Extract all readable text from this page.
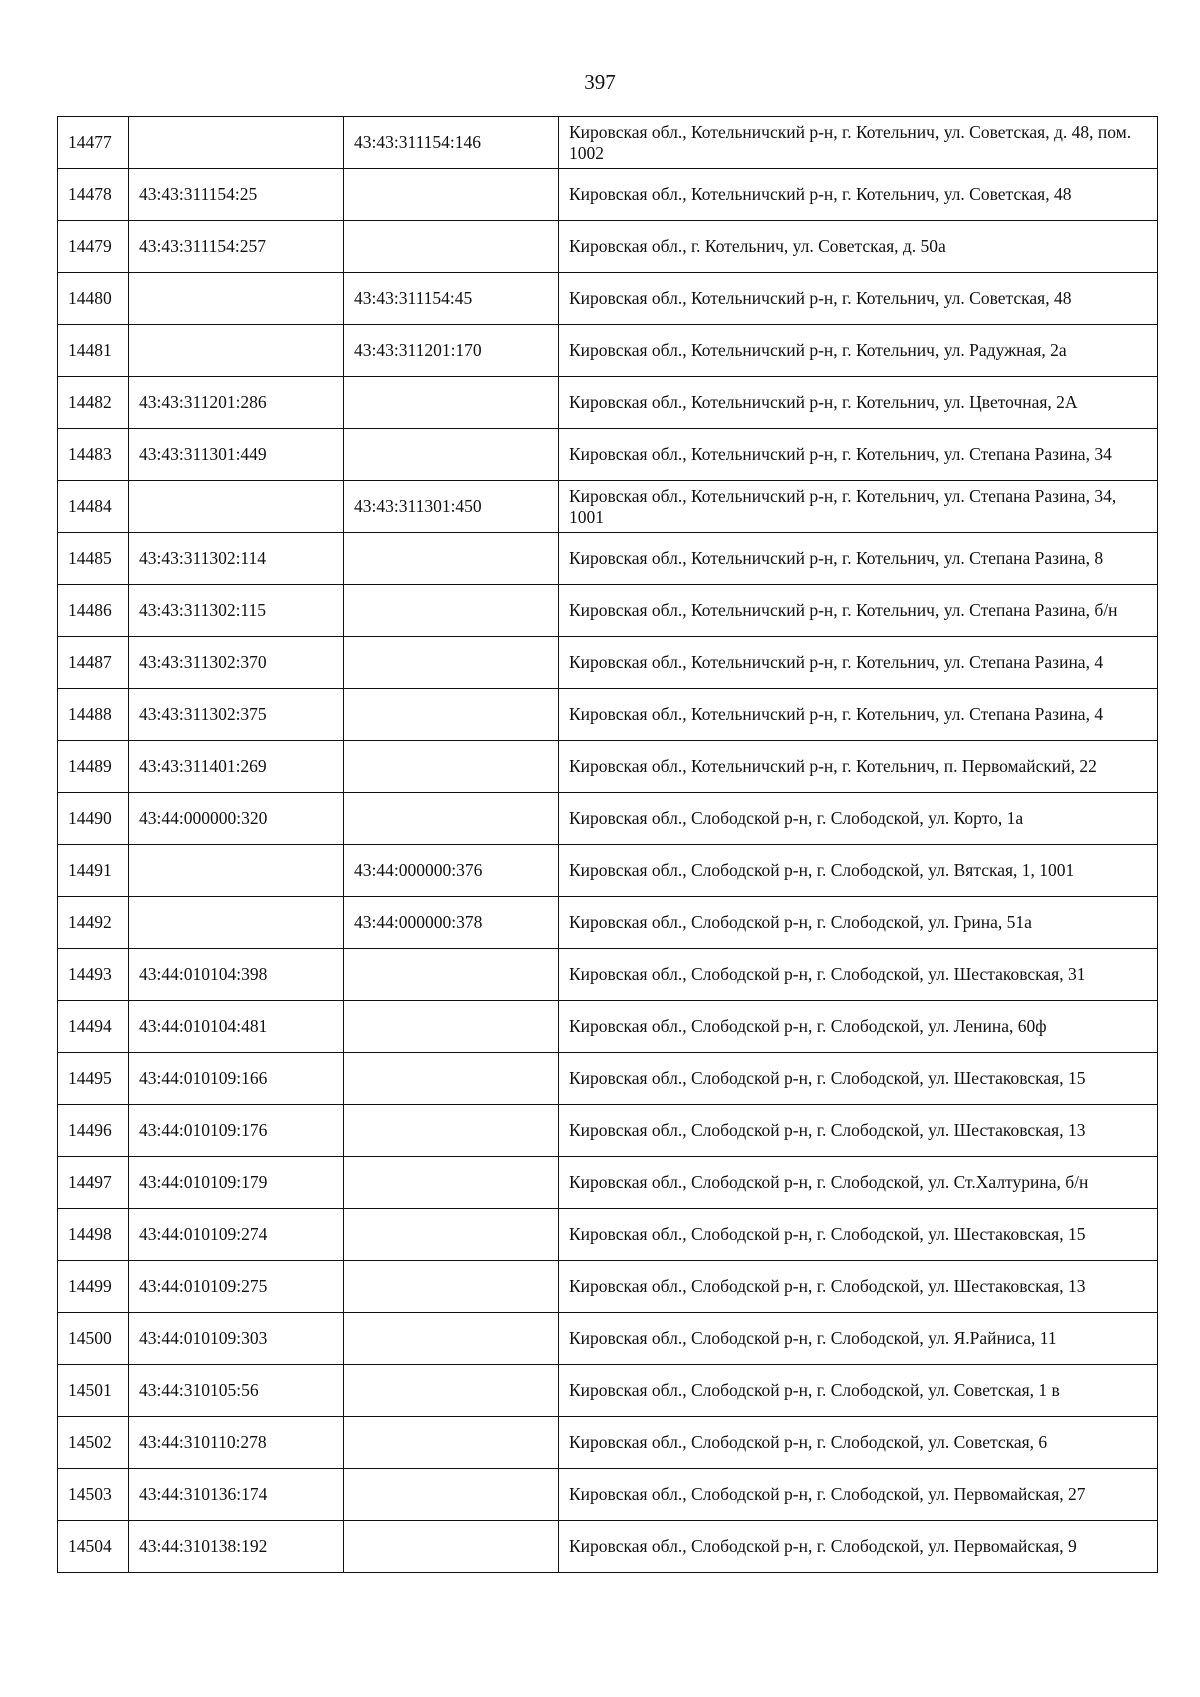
397
14477		43:43:311154:146	Кировская обл., Котельничский р-н, г. Котельнич, ул. Советская, д. 48, пом. 1002
14478	43:43:311154:25		Кировская обл., Котельничский р-н, г. Котельнич, ул. Советская, 48
14479	43:43:311154:257		Кировская обл., г. Котельнич, ул. Советская, д. 50а
14480		43:43:311154:45	Кировская обл., Котельничский р-н, г. Котельнич, ул. Советская, 48
14481		43:43:311201:170	Кировская обл., Котельничский р-н, г. Котельнич, ул. Радужная, 2а
14482	43:43:311201:286		Кировская обл., Котельничский р-н, г. Котельнич, ул. Цветочная, 2А
14483	43:43:311301:449		Кировская обл., Котельничский р-н, г. Котельнич, ул. Степана Разина, 34
14484		43:43:311301:450	Кировская обл., Котельничский р-н, г. Котельнич, ул. Степана Разина, 34, 1001
14485	43:43:311302:114		Кировская обл., Котельничский р-н, г. Котельнич, ул. Степана Разина, 8
14486	43:43:311302:115		Кировская обл., Котельничский р-н, г. Котельнич, ул. Степана Разина, б/н
14487	43:43:311302:370		Кировская обл., Котельничский р-н, г. Котельнич, ул. Степана Разина, 4
14488	43:43:311302:375		Кировская обл., Котельничский р-н, г. Котельнич, ул. Степана Разина, 4
14489	43:43:311401:269		Кировская обл., Котельничский р-н, г. Котельнич, п. Первомайский, 22
14490	43:44:000000:320		Кировская обл., Слободской р-н, г. Слободской, ул. Корто, 1а
14491		43:44:000000:376	Кировская обл., Слободской р-н, г. Слободской, ул. Вятская, 1, 1001
14492		43:44:000000:378	Кировская обл., Слободской р-н, г. Слободской, ул. Грина, 51а
14493	43:44:010104:398		Кировская обл., Слободской р-н, г. Слободской, ул. Шестаковская, 31
14494	43:44:010104:481		Кировская обл., Слободской р-н, г. Слободской, ул. Ленина, 60ф
14495	43:44:010109:166		Кировская обл., Слободской р-н, г. Слободской, ул. Шестаковская, 15
14496	43:44:010109:176		Кировская обл., Слободской р-н, г. Слободской, ул. Шестаковская, 13
14497	43:44:010109:179		Кировская обл., Слободской р-н, г. Слободской, ул. Ст.Халтурина, б/н
14498	43:44:010109:274		Кировская обл., Слободской р-н, г. Слободской, ул. Шестаковская, 15
14499	43:44:010109:275		Кировская обл., Слободской р-н, г. Слободской, ул. Шестаковская, 13
14500	43:44:010109:303		Кировская обл., Слободской р-н, г. Слободской, ул. Я.Райниса, 11
14501	43:44:310105:56		Кировская обл., Слободской р-н, г. Слободской, ул. Советская, 1 в
14502	43:44:310110:278		Кировская обл., Слободской р-н, г. Слободской, ул. Советская, 6
14503	43:44:310136:174		Кировская обл., Слободской р-н, г. Слободской, ул. Первомайская, 27
14504	43:44:310138:192		Кировская обл., Слободской р-н, г. Слободской, ул. Первомайская, 9
